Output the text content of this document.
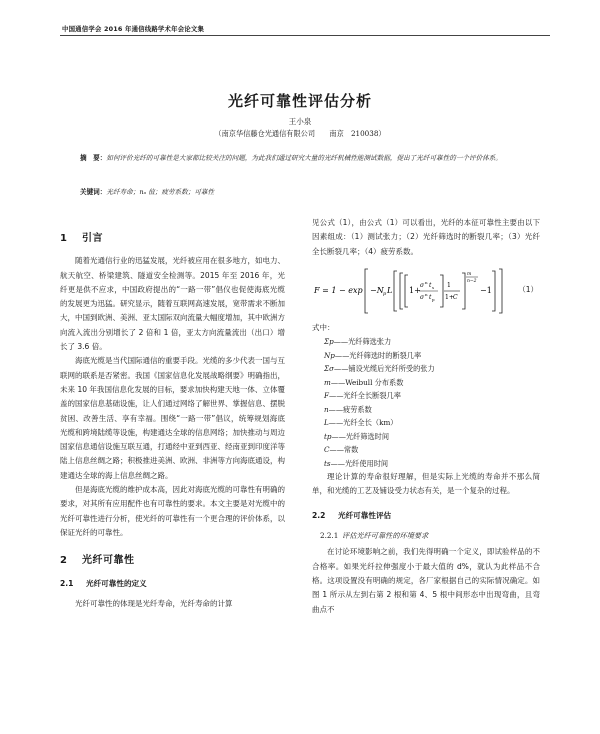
中国通信学会 2016 年通信线路学术年会论文集
光纤可靠性评估分析
王小泉
（南京华信藤仓光通信有限公司　　南京　210038）
摘　要：如何评价光纤的可靠性是大家都比较关注的问题，为此我们通过研究大量的光纤机械性能测试数据，提出了光纤可靠性的一个评价体系。
关键词：光纤寿命；nₐ 值；疲劳系数；可靠性
1 引言

随着光通信行业的迅猛发展，光纤被应用在很多地方，如电力、航天航空、桥梁建筑、隧道安全检测等。2015 年至 2016 年，光纤更是供不应求，中国政府提出的“一路一带”倡仪也促使海底光缆的发展更为迅猛。研究显示，随着互联网高速发展，宽带需求不断加大，中国到欧洲、美洲、亚太国际双向流量大幅度增加，其中欧洲方向流入流出分别增长了 2 倍和 1 倍，亚太方向流量流出（出口）增长了 3.6 倍。

海底光缆是当代国际通信的重要手段。光缆的多少代表一国与互联网的联系是否紧密。我国《国家信息化发展战略纲要》明确指出，未来 10 年我国信息化发展的目标，要求加快构建天地一体、立体覆盖的国家信息基础设施，让人们通过网络了解世界、掌握信息、摆脱贫困、改善生活、享有幸福。围绕“一路一带”倡议，统筹规划海底光缆和跨境陆缆等设施，构建通达全球的信息网络；加快推动与周边国家信息通信设施互联互通，打通经中亚到西亚、经南亚到印度洋等陆上信息丝绸之路；积极推进美洲、欧洲、非洲等方向海底通设，构建通达全球的海上信息丝绸之路。

但是海底光缆的维护成本高，因此对海底光缆的可靠性有明确的要求，对其所有应用配件也有可靠性的要求。本文主要是对光缆中的光纤可靠性进行分析，使光纤的可靠性有一个更合理的评价体系，以保证光纤的可靠性。

2 光纤可靠性
2.1 光纤可靠性的定义

光纤可靠性的体现是光纤寿命，光纤寿命的计算

见公式（1），由公式（1）可以看出，光纤的本征可靠性主要由以下因素组成：（1）测试张力；（2）光纤筛选时的断裂几率；（3）光纤全长断裂几率；（4）疲劳系数。

F = 1 − exp −N p L 1+
σ n t s
σ n t p
1
1+ C
m
n−2
−1	（1）

式中：

Σp——光纤筛选张力
Np——光纤筛选时的断裂几率
Σσ——铺设光缆后光纤所受的张力
m——Weibull 分布系数
F——光纤全长断裂几率
n——疲劳系数
L——光纤全长（km）
tp——光纤筛选时间
C——常数
ts——光纤使用时间

理论计算的寿命很好理解，但是实际上光缆的寿命并不那么简单，和光缆的工艺及铺设受力状态有关，是一个复杂的过程。

2.2 光纤可靠性评估
2.2.1 评估光纤可靠性的环境要求

在讨论环境影响之前，我们先得明确一个定义，即试验样品的不合格率。如果光纤拉伸强度小于最大值的 d%，就认为此样品不合格。这项设置没有明确的规定，各厂家根据自己的实际情况确定。如图 1 所示从左到右第 2 根和第 4、5 根中间形态中出现弯曲，且弯曲点不
